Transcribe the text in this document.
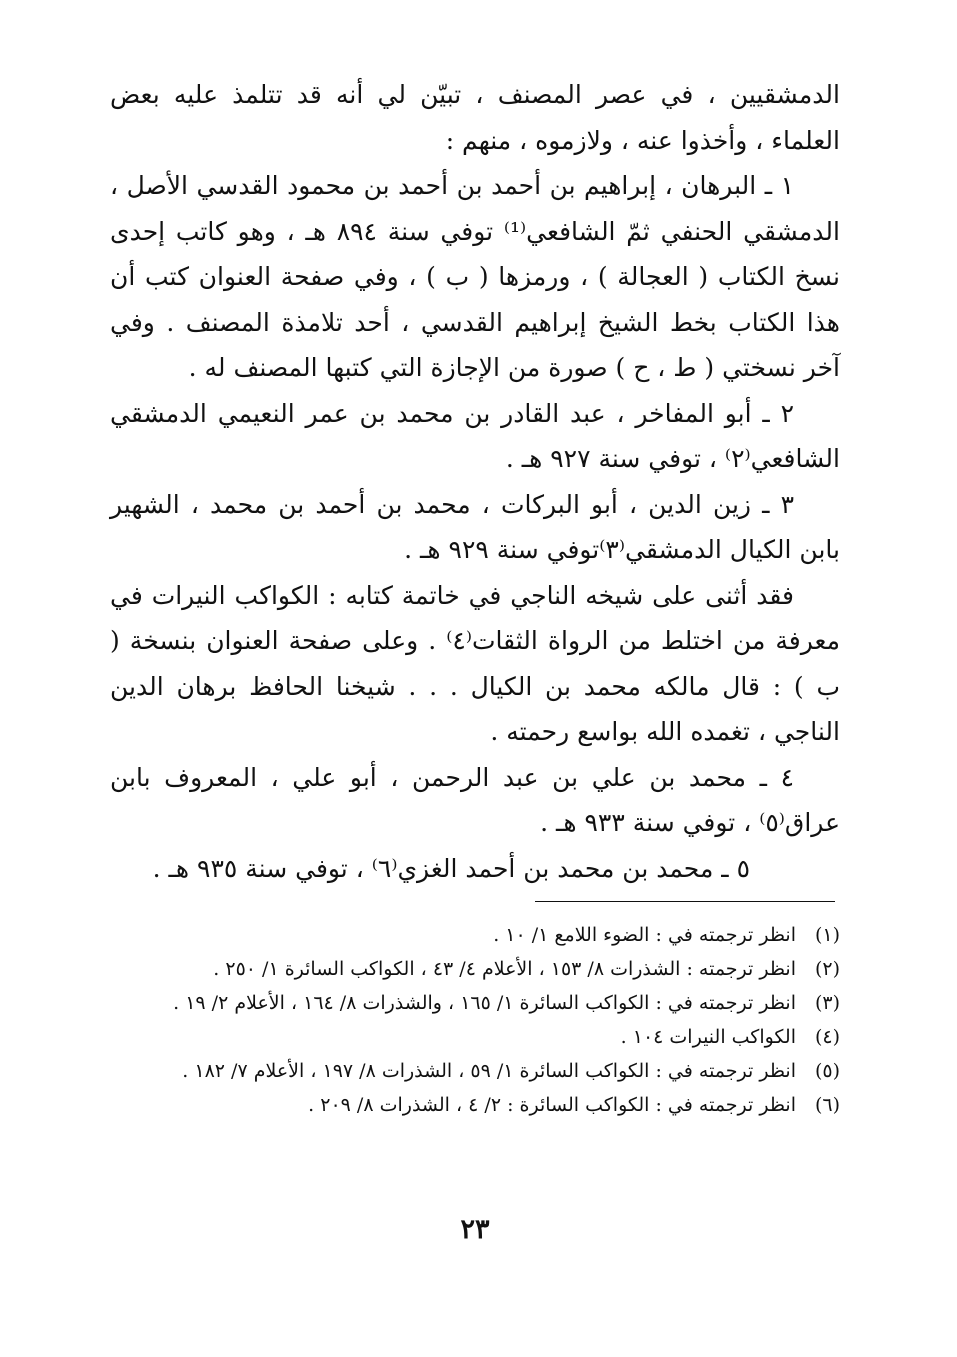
الدمشقيين ، في عصر المصنف ، تبيّن لي أنه قد تتلمذ عليه بعض العلماء ، وأخذوا عنه ، ولازموه ، منهم :

١ ـ البرهان ، إبراهيم بن أحمد بن أحمد بن محمود القدسي الأصل ، الدمشقي الحنفي ثمّ الشافعي⁽¹⁾ توفي سنة ٨٩٤ هـ ، وهو كاتب إحدى نسخ الكتاب ( العجالة ) ، ورمزها ( ب ) ، وفي صفحة العنوان كتب أن هذا الكتاب بخط الشيخ إبراهيم القدسي ، أحد تلامذة المصنف . وفي آخر نسختي ( ط ، ح ) صورة من الإجازة التي كتبها المصنف له .

٢ ـ أبو المفاخر ، عبد القادر بن محمد بن عمر النعيمي الدمشقي الشافعي⁽٢⁾ ، توفي سنة ٩٢٧ هـ .

٣ ـ زين الدين ، أبو البركات ، محمد بن أحمد بن محمد ، الشهير بابن الكيال الدمشقي⁽٣⁾توفي سنة ٩٢٩ هـ .

فقد أثنى على شيخه الناجي في خاتمة كتابه : الكواكب النيرات في معرفة من اختلط من الرواة الثقات⁽٤⁾ . وعلى صفحة العنوان بنسخة ( ب ) : قال مالكه محمد بن الكيال . . . شيخنا الحافظ برهان الدين الناجي ، تغمده الله بواسع رحمته .

٤ ـ محمد بن علي بن عبد الرحمن ، أبو علي ، المعروف بابن عراق⁽٥⁾ ، توفي سنة ٩٣٣ هـ .

٥ ـ محمد بن محمد بن أحمد الغزي⁽٦⁾ ، توفي سنة ٩٣٥ هـ .

(١)
انظر ترجمته في : الضوء اللامع ١/ ١٠ .
(٢)
انظر ترجمته : الشذرات ٨/ ١٥٣ ، الأعلام ٤/ ٤٣ ، الكواكب السائرة ١/ ٢٥٠ .
(٣)
انظر ترجمته في : الكواكب السائرة ١/ ١٦٥ ، والشذرات ٨/ ١٦٤ ، الأعلام ٢/ ١٩ .
(٤)
الكواكب النيرات ١٠٤ .
(٥)
انظر ترجمته في : الكواكب السائرة ١/ ٥٩ ، الشذرات ٨/ ١٩٧ ، الأعلام ٧/ ١٨٢ .
(٦)
انظر ترجمته في : الكواكب السائرة : ٢/ ٤ ، الشذرات ٨/ ٢٠٩ .
٢٣
